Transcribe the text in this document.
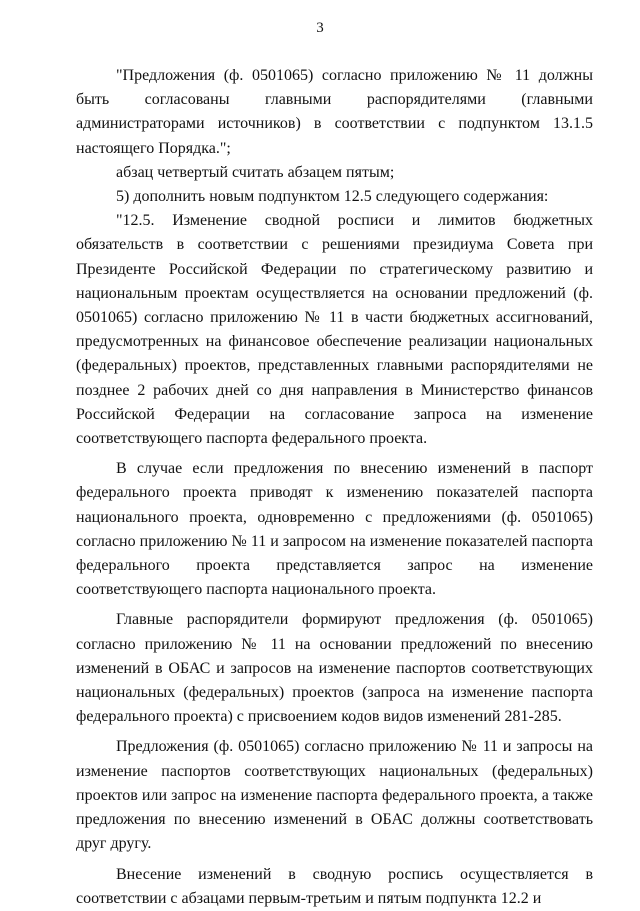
3

"Предложения (ф. 0501065) согласно приложению № 11 должны быть согласованы главными распорядителями (главными администраторами источников) в соответствии с подпунктом 13.1.5 настоящего Порядка.";

абзац четвертый считать абзацем пятым;

5) дополнить новым подпунктом 12.5 следующего содержания:

"12.5. Изменение сводной росписи и лимитов бюджетных обязательств в соответствии с решениями президиума Совета при Президенте Российской Федерации по стратегическому развитию и национальным проектам осуществляется на основании предложений (ф. 0501065) согласно приложению № 11 в части бюджетных ассигнований, предусмотренных на финансовое обеспечение реализации национальных (федеральных) проектов, представленных главными распорядителями не позднее 2 рабочих дней со дня направления в Министерство финансов Российской Федерации на согласование запроса на изменение соответствующего паспорта федерального проекта.

В случае если предложения по внесению изменений в паспорт федерального проекта приводят к изменению показателей паспорта национального проекта, одновременно с предложениями (ф. 0501065) согласно приложению № 11 и запросом на изменение показателей паспорта федерального проекта представляется запрос на изменение соответствующего паспорта национального проекта.

Главные распорядители формируют предложения (ф. 0501065) согласно приложению № 11 на основании предложений по внесению изменений в ОБАС и запросов на изменение паспортов соответствующих национальных (федеральных) проектов (запроса на изменение паспорта федерального проекта) с присвоением кодов видов изменений 281-285.

Предложения (ф. 0501065) согласно приложению № 11 и запросы на изменение паспортов соответствующих национальных (федеральных) проектов или запрос на изменение паспорта федерального проекта, а также предложения по внесению изменений в ОБАС должны соответствовать друг другу.

Внесение изменений в сводную роспись осуществляется в соответствии с абзацами первым-третьим и пятым подпункта 12.2 и
